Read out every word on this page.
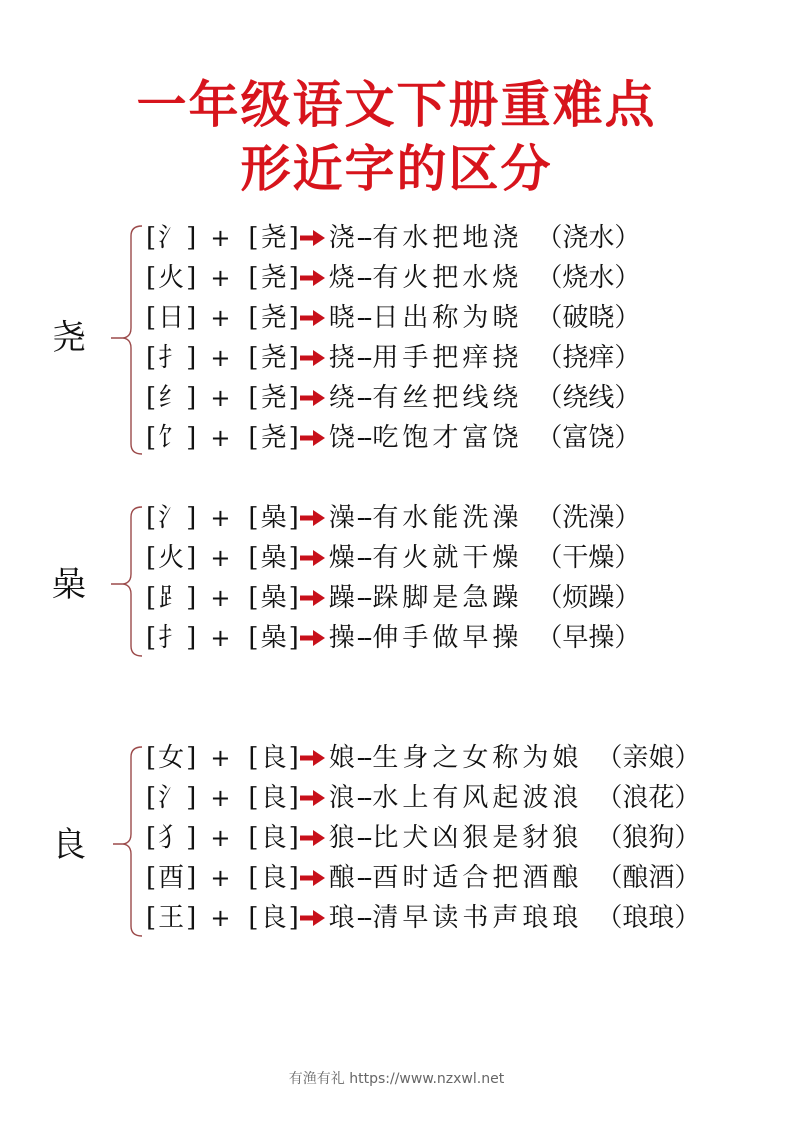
一年级语文下册重难点
形近字的区分
尧
[ 氵 ] + [ 尧 ] 浇 -- 有水把地浇 （浇水）
[ 火 ] + [ 尧 ] 烧 -- 有火把水烧 （烧水）
[ 日 ] + [ 尧 ] 晓 -- 日出称为晓 （破晓）
[ 扌 ] + [ 尧 ] 挠 -- 用手把痒挠 （挠痒）
[ 纟 ] + [ 尧 ] 绕 -- 有丝把线绕 （绕线）
[ 饣 ] + [ 尧 ] 饶 -- 吃饱才富饶 （富饶）
喿
[ 氵 ] + [ 喿 ] 澡 -- 有水能洗澡 （洗澡）
[ 火 ] + [ 喿 ] 燥 -- 有火就干燥 （干燥）
[ ⻊ ] + [ 喿 ] 躁 -- 跺脚是急躁 （烦躁）
[ 扌 ] + [ 喿 ] 操 -- 伸手做早操 （早操）
良
[ 女 ] + [ 良 ] 娘 -- 生身之女称为娘 （亲娘）
[ 氵 ] + [ 良 ] 浪 -- 水上有风起波浪 （浪花）
[ 犭 ] + [ 良 ] 狼 -- 比犬凶狠是豺狼 （狼狗）
[ 酉 ] + [ 良 ] 酿 -- 酉时适合把酒酿 （酿酒）
[ 王 ] + [ 良 ] 琅 -- 清早读书声琅琅 （琅琅）
有渔有礼 https://www.nzxwl.net
